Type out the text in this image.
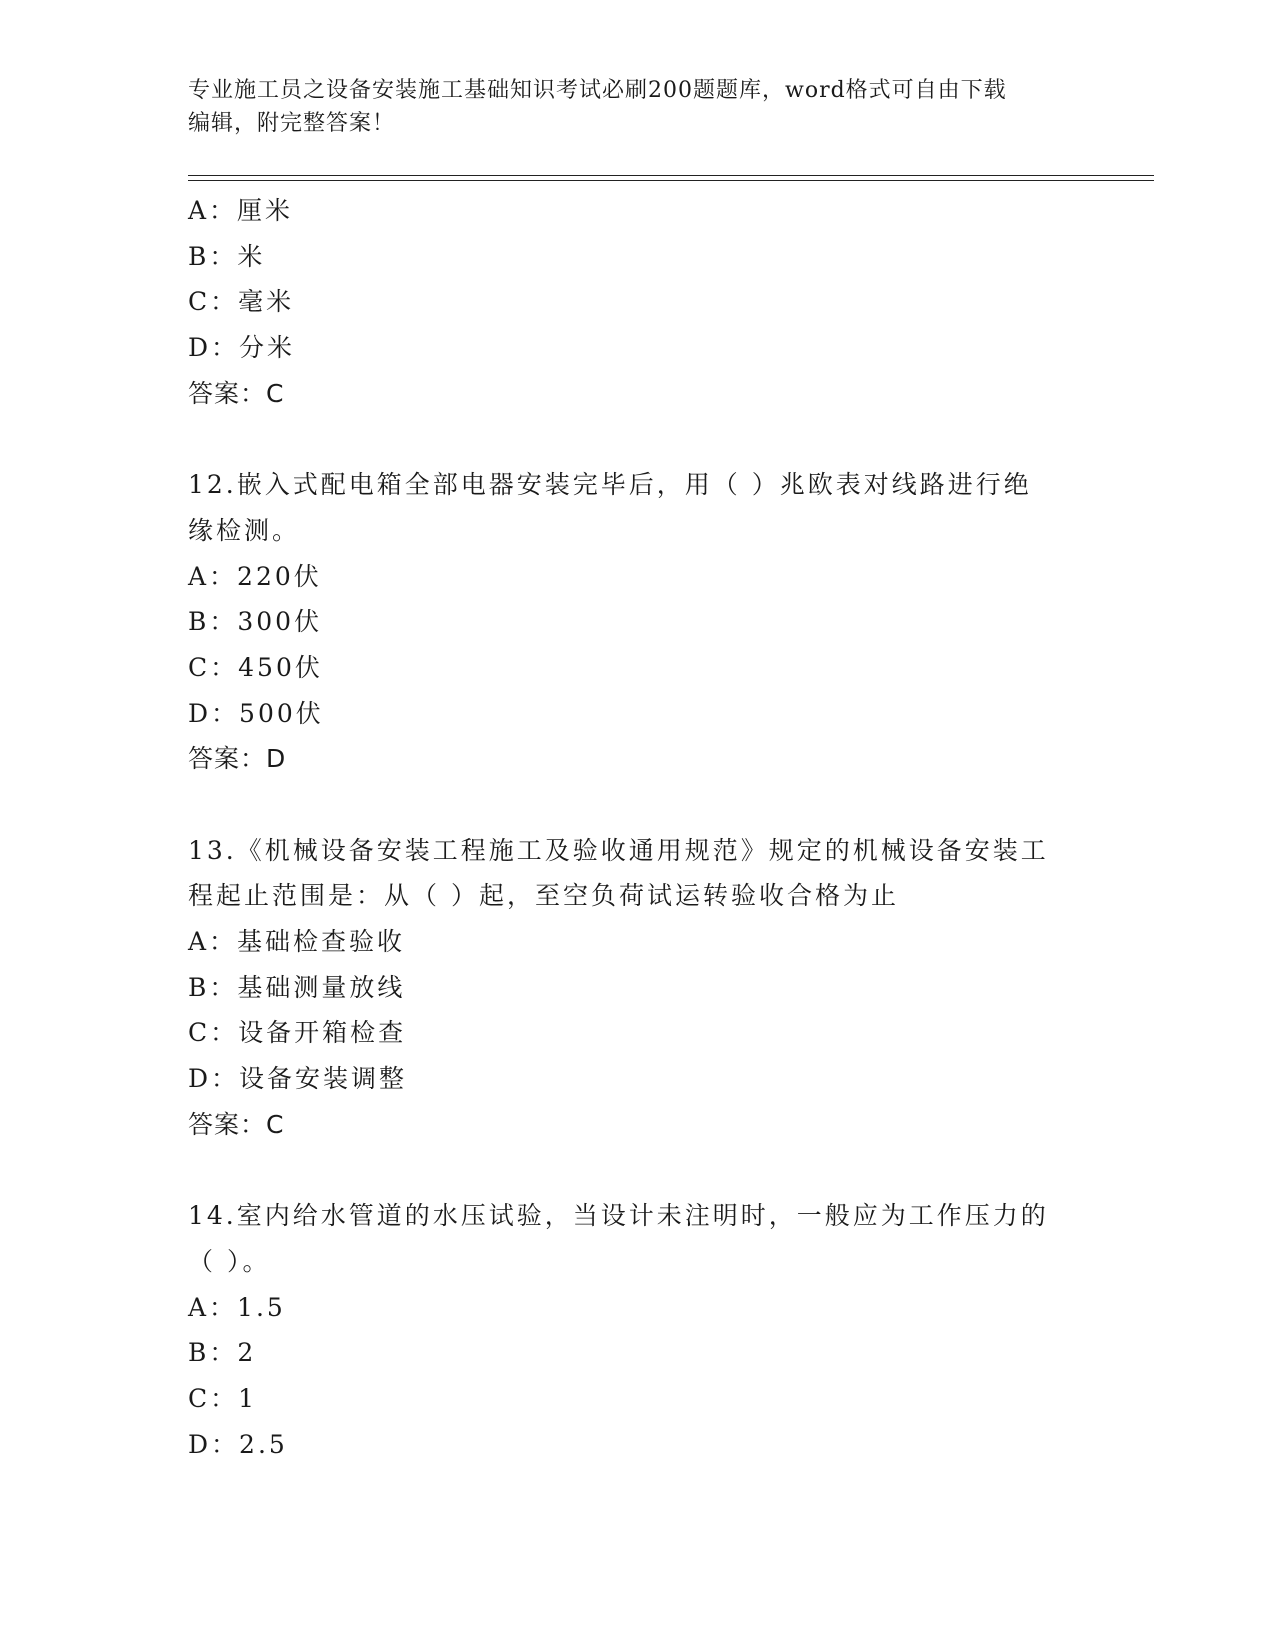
专业施工员之设备安装施工基础知识考试必刷200题题库，word格式可自由下载
编辑，附完整答案！
A：厘米
B：米
C：毫米
D：分米
答案：C
12.嵌入式配电箱全部电器安装完毕后，用（ ）兆欧表对线路进行绝
缘检测。
A：220伏
B：300伏
C：450伏
D：500伏
答案：D
13.《机械设备安装工程施工及验收通用规范》规定的机械设备安装工
程起止范围是：从（ ）起，至空负荷试运转验收合格为止
A：基础检查验收
B：基础测量放线
C：设备开箱检查
D：设备安装调整
答案：C
14.室内给水管道的水压试验，当设计未注明时，一般应为工作压力的
（ ）。
A：1.5
B：2
C：1
D：2.5
